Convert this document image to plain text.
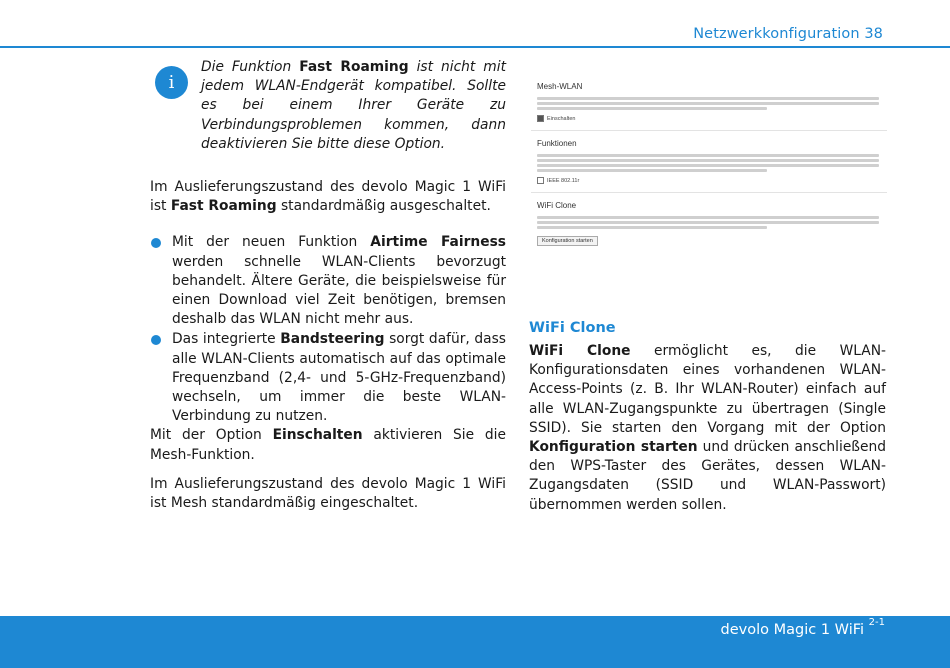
Netzwerkkonfiguration 38
i

Die Funktion Fast Roaming ist nicht mit jedem WLAN-Endgerät kompatibel. Sollte es bei einem Ihrer Geräte zu Verbindungsproblemen kommen, dann deaktivieren Sie bitte diese Option.

Im Auslieferungszustand des devolo Magic 1 WiFi ist Fast Roaming standardmäßig ausgeschaltet.

Mit der neuen Funktion Airtime Fairness werden schnelle WLAN-Clients bevorzugt behandelt. Ältere Geräte, die beispielsweise für einen Download viel Zeit benötigen, bremsen deshalb das WLAN nicht mehr aus.
Das integrierte Bandsteering sorgt dafür, dass alle WLAN-Clients automatisch auf das optimale Frequenzband (2,4- und 5-GHz-Frequenzband) wechseln, um immer die beste WLAN-Verbindung zu nutzen.

Mit der Option Einschalten aktivieren Sie die Mesh-Funktion.

Im Auslieferungszustand des devolo Magic 1 WiFi ist Mesh standardmäßig eingeschaltet.

Mesh-WLAN
Einschalten
Funktionen
IEEE 802.11r
WiFi Clone
Konfiguration starten
WiFi Clone

WiFi Clone ermöglicht es, die WLAN-Konfigurationsdaten eines vorhandenen WLAN-Access-Points (z. B. Ihr WLAN-Router) einfach auf alle WLAN-Zugangspunkte zu übertragen (Single SSID). Sie starten den Vorgang mit der Option Konfiguration starten und drücken anschließend den WPS-Taster des Gerätes, dessen WLAN-Zugangsdaten (SSID und WLAN-Passwort) übernommen werden sollen.

devolo Magic 1 WiFi $^{2-1}$
